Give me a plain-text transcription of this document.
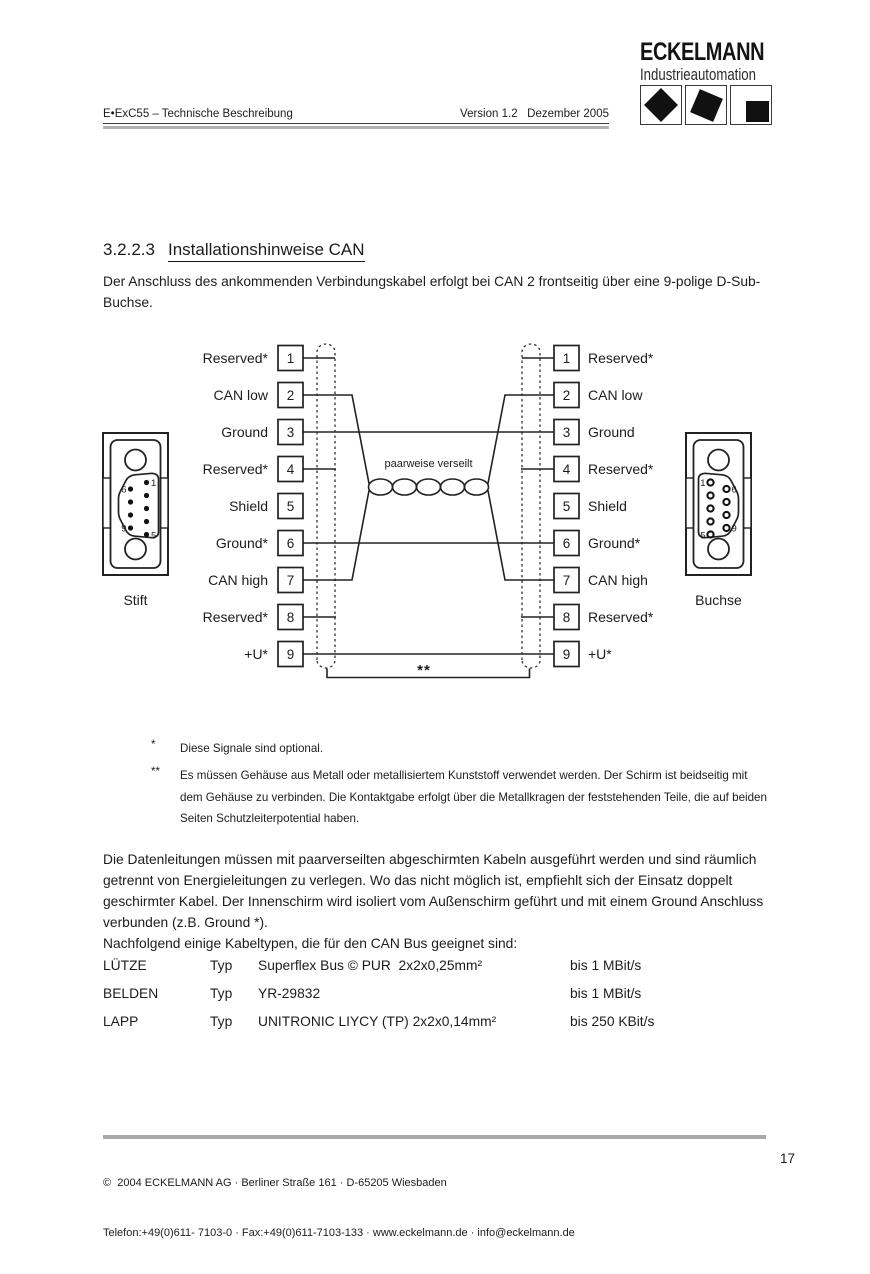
ECKELMANN
Industrieautomation
E•ExC55 – Technische Beschreibung	Version 1.2   Dezember 2005
3.2.2.3 Installationshinweise CAN

Der Anschluss des ankommenden Verbindungskabel erfolgt bei CAN 2 frontseitig über eine 9-polige D-Sub-Buchse.

paarweise verseilt
**
Reserved* 1	1 Reserved*
CAN low 2	2 CAN low
Ground 3	3 Ground
Reserved* 4	4 Reserved*
Shield 5	5 Shield
Ground* 6	6 Ground*
CAN high 7	7 CAN high
Reserved* 8	8 Reserved*
+U* 9	9 +U*
1
5
6
9
Stift
1
5
6
9
Buchse
*	Diese Signale sind optional.
**	Es müssen Gehäuse aus Metall oder metallisiertem Kunststoff verwendet werden. Der Schirm ist beidseitig mit dem Gehäuse zu verbinden. Die Kontaktgabe erfolgt über die Metallkragen der feststehenden Teile, die auf beiden Seiten Schutzleiterpotential haben.

Die Datenleitungen müssen mit paarverseilten abgeschirmten Kabeln ausgeführt werden und sind räumlich getrennt von Energieleitungen zu verlegen. Wo das nicht möglich ist, empfiehlt sich der Einsatz doppelt geschirmter Kabel. Der Innenschirm wird isoliert vom Außenschirm geführt und mit einem Ground Anschluss verbunden (z.B. Ground *).

Nachfolgend einige Kabeltypen, die für den CAN Bus geeignet sind:

LÜTZE	Typ	Superflex Bus © PUR  2x2x0,25mm²	bis 1 MBit/s
BELDEN	Typ	YR-29832	bis 1 MBit/s
LAPP	Typ	UNITRONIC LIYCY (TP) 2x2x0,14mm²	bis 250 KBit/s

©  2004 ECKELMANN AG · Berliner Straße 161 · D-65205 Wiesbaden

Telefon:+49(0)611- 7103-0 · Fax:+49(0)611-7103-133 · www.eckelmann.de · info@eckelmann.de

17
